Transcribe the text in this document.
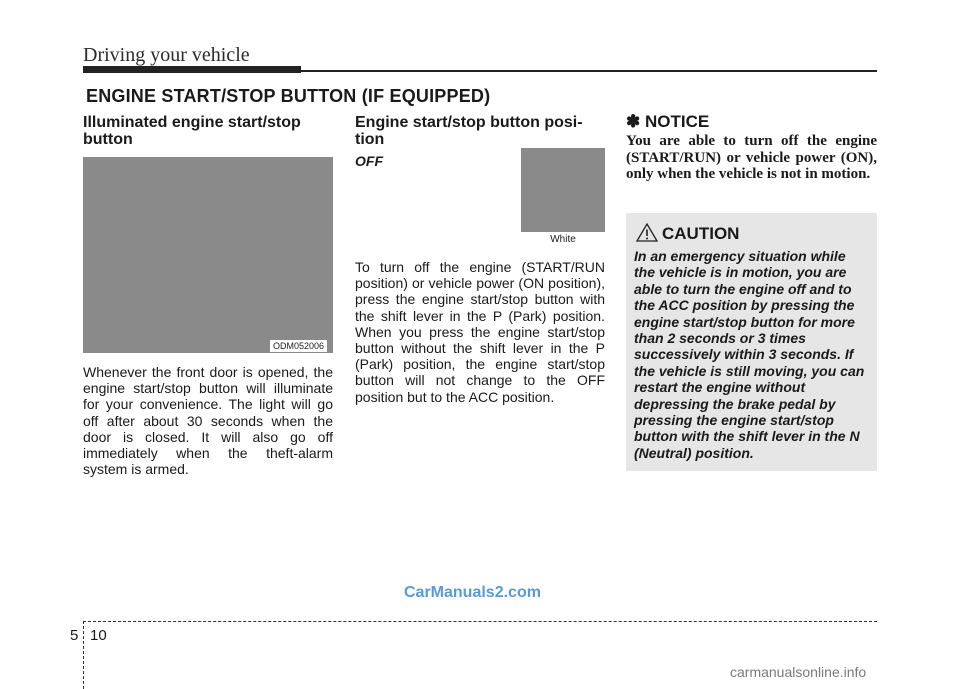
Driving your vehicle
ENGINE START/STOP BUTTON (IF EQUIPPED)
Illuminated engine start/stop
button
ODM052006
Whenever the front door is opened, the engine start/stop button will illuminate for your convenience. The light will go off after about 30 seconds when the door is closed. It will also go off immediately when the theft-alarm system is armed.
Engine start/stop button posi-
tion
OFF
White
To turn off the engine (START/RUN position) or vehicle power (ON position), press the engine start/stop button with the shift lever in the P (Park) position. When you press the engine start/stop button without the shift lever in the P (Park) position, the engine start/stop button will not change to the OFF position but to the ACC position.
✽ NOTICE
You are able to turn off the engine (START/RUN) or vehicle power (ON), only when the vehicle is not in motion.
CAUTION
In an emergency situation while the vehicle is in motion, you are able to turn the engine off and to the ACC position by pressing the engine start/stop button for more than 2 seconds or 3 times successively within 3 seconds. If the vehicle is still moving, you can restart the engine without depressing the brake pedal by pressing the engine start/stop button with the shift lever in the N (Neutral) position.
5 10
CarManuals2.com
carmanualsonline.info
